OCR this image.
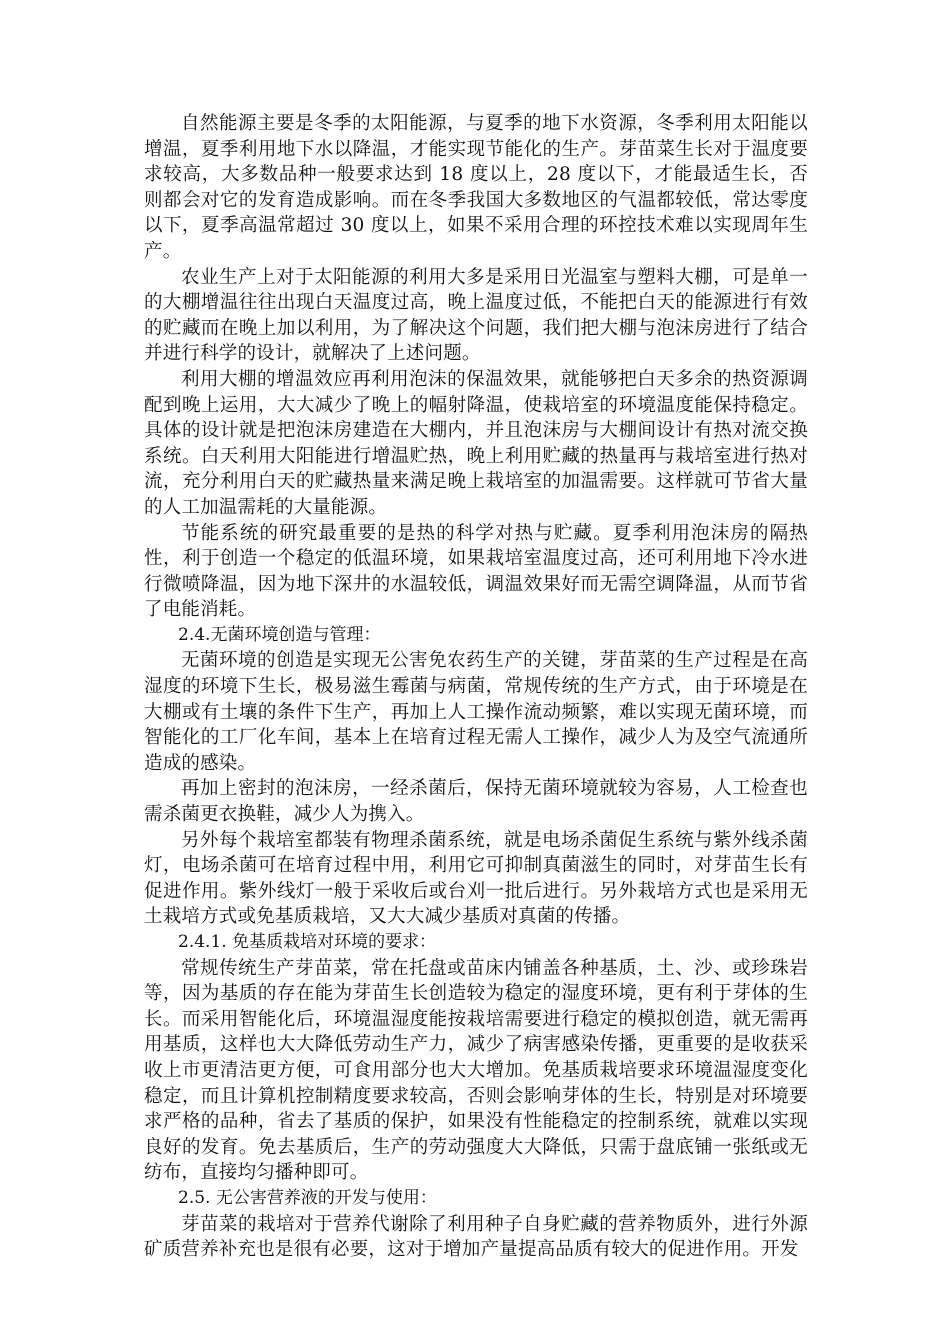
自然能源主要是冬季的太阳能源，与夏季的地下水资源，冬季利用太阳能以增温，夏季利用地下水以降温，才能实现节能化的生产。芽苗菜生长对于温度要求较高，大多数品种一般要求达到 18 度以上，28 度以下，才能最适生长，否则都会对它的发育造成影响。而在冬季我国大多数地区的气温都较低，常达零度以下，夏季高温常超过 30 度以上，如果不采用合理的环控技术难以实现周年生产。

农业生产上对于太阳能源的利用大多是采用日光温室与塑料大棚，可是单一的大棚增温往往出现白天温度过高，晚上温度过低，不能把白天的能源进行有效的贮藏而在晚上加以利用，为了解决这个问题，我们把大棚与泡沫房进行了结合并进行科学的设计，就解决了上述问题。

利用大棚的增温效应再利用泡沫的保温效果，就能够把白天多余的热资源调配到晚上运用，大大减少了晚上的幅射降温，使栽培室的环境温度能保持稳定。具体的设计就是把泡沫房建造在大棚内，并且泡沫房与大棚间设计有热对流交换系统。白天利用大阳能进行增温贮热，晚上利用贮藏的热量再与栽培室进行热对流，充分利用白天的贮藏热量来满足晚上栽培室的加温需要。这样就可节省大量的人工加温需耗的大量能源。

节能系统的研究最重要的是热的科学对热与贮藏。夏季利用泡沫房的隔热性，利于创造一个稳定的低温环境，如果栽培室温度过高，还可利用地下冷水进行微喷降温，因为地下深井的水温较低，调温效果好而无需空调降温，从而节省了电能消耗。

2.4.无菌环境创造与管理：

无菌环境的创造是实现无公害免农药生产的关键，芽苗菜的生产过程是在高湿度的环境下生长，极易滋生霉菌与病菌，常规传统的生产方式，由于环境是在大棚或有土壤的条件下生产，再加上人工操作流动频繁，难以实现无菌环境，而智能化的工厂化车间，基本上在培育过程无需人工操作，减少人为及空气流通所造成的感染。

再加上密封的泡沫房，一经杀菌后，保持无菌环境就较为容易，人工检查也需杀菌更衣换鞋，减少人为携入。

另外每个栽培室都装有物理杀菌系统，就是电场杀菌促生系统与紫外线杀菌灯，电场杀菌可在培育过程中用，利用它可抑制真菌滋生的同时，对芽苗生长有促进作用。紫外线灯一般于采收后或台刈一批后进行。另外栽培方式也是采用无土栽培方式或免基质栽培，又大大减少基质对真菌的传播。

2.4.1. 免基质栽培对环境的要求：

常规传统生产芽苗菜，常在托盘或苗床内铺盖各种基质，土、沙、或珍珠岩等，因为基质的存在能为芽苗生长创造较为稳定的湿度环境，更有利于芽体的生长。而采用智能化后，环境温湿度能按栽培需要进行稳定的模拟创造，就无需再用基质，这样也大大降低劳动生产力，减少了病害感染传播，更重要的是收获采收上市更清洁更方便，可食用部分也大大增加。免基质栽培要求环境温湿度变化稳定，而且计算机控制精度要求较高，否则会影响芽体的生长，特别是对环境要求严格的品种，省去了基质的保护，如果没有性能稳定的控制系统，就难以实现良好的发育。免去基质后，生产的劳动强度大大降低，只需于盘底铺一张纸或无纺布，直接均匀播种即可。

2.5. 无公害营养液的开发与使用：

芽苗菜的栽培对于营养代谢除了利用种子自身贮藏的营养物质外，进行外源矿质营养补充也是很有必要，这对于增加产量提高品质有较大的促进作用。开发
